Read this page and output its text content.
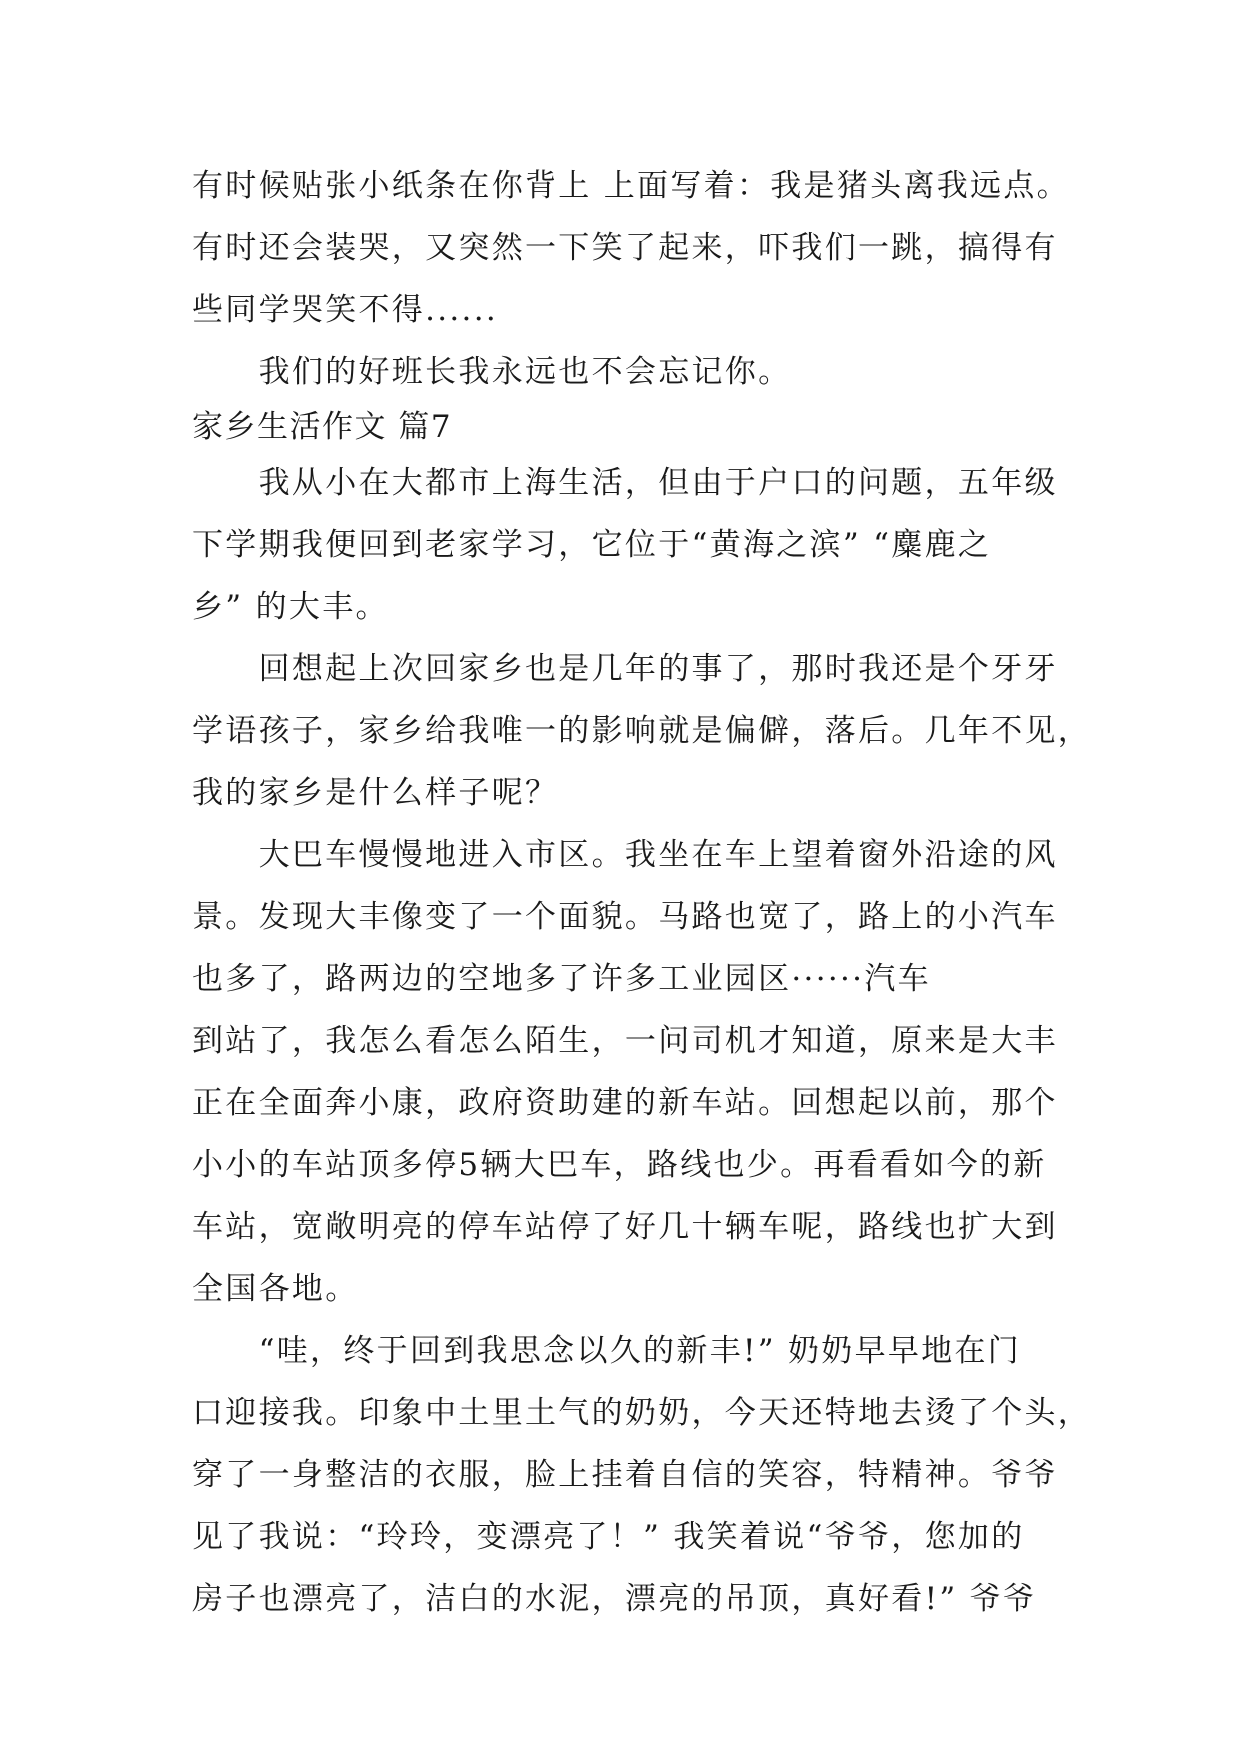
有时候贴张小纸条在你背上 上面写着：我是猪头离我远点。
有时还会装哭，又突然一下笑了起来，吓我们一跳，搞得有
些同学哭笑不得......
　　我们的好班长我永远也不会忘记你。
家乡生活作文 篇7
　　我从小在大都市上海生活，但由于户口的问题，五年级
下学期我便回到老家学习，它位于“黄海之滨” “麋鹿之
乡” 的大丰。
　　回想起上次回家乡也是几年的事了，那时我还是个牙牙
学语孩子，家乡给我唯一的影响就是偏僻，落后。几年不见，
我的家乡是什么样子呢？
　　大巴车慢慢地进入市区。我坐在车上望着窗外沿途的风
景。发现大丰像变了一个面貌。马路也宽了，路上的小汽车
也多了，路两边的空地多了许多工业园区······汽车
到站了，我怎么看怎么陌生，一问司机才知道，原来是大丰
正在全面奔小康，政府资助建的新车站。回想起以前，那个
小小的车站顶多停5辆大巴车，路线也少。再看看如今的新
车站，宽敞明亮的停车站停了好几十辆车呢，路线也扩大到
全国各地。
　　“哇，终于回到我思念以久的新丰!” 奶奶早早地在门
口迎接我。印象中土里土气的奶奶，今天还特地去烫了个头，
穿了一身整洁的衣服，脸上挂着自信的笑容，特精神。爷爷
见了我说：“玲玲，变漂亮了！” 我笑着说“爷爷，您加的
房子也漂亮了，洁白的水泥，漂亮的吊顶，真好看!” 爷爷
